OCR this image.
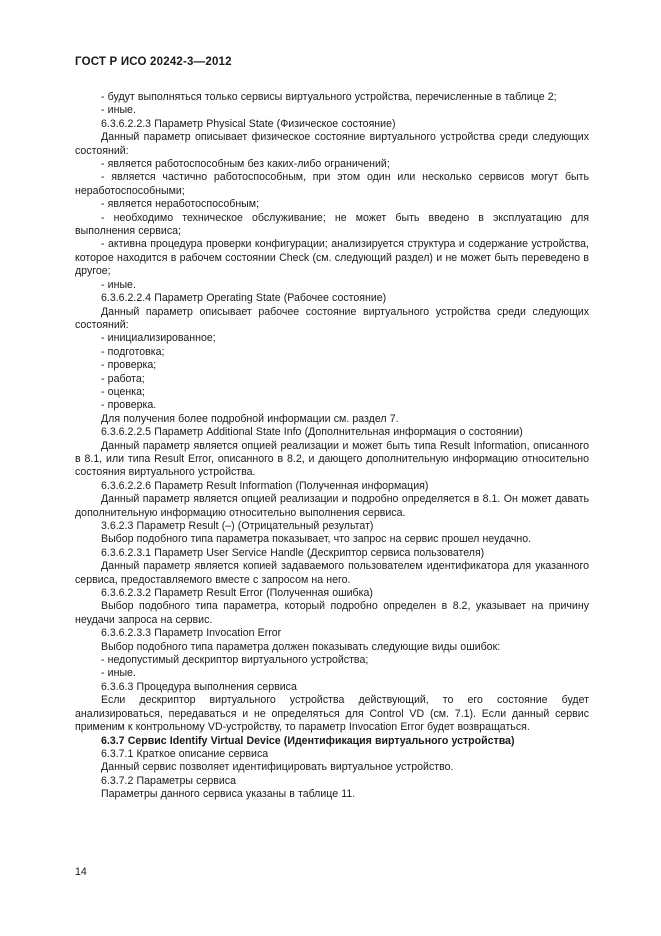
ГОСТ Р ИСО 20242-3—2012

- будут выполняться только сервисы виртуального устройства, перечисленные в таблице 2;

- иные.

6.3.6.2.2.3 Параметр Physical State (Физическое состояние)

Данный параметр описывает физическое состояние виртуального устройства среди следующих состояний:

- является работоспособным без каких-либо ограничений;

- является частично работоспособным, при этом один или несколько сервисов могут быть неработоспособными;

- является неработоспособным;

- необходимо техническое обслуживание; не может быть введено в эксплуатацию для выполнения сервиса;

- активна процедура проверки конфигурации; анализируется структура и содержание устройства, которое находится в рабочем состоянии Check (см. следующий раздел) и не может быть переведено в другое;

- иные.

6.3.6.2.2.4 Параметр Operating State (Рабочее состояние)

Данный параметр описывает рабочее состояние виртуального устройства среди следующих состояний:

- инициализированное;

- подготовка;

- проверка;

- работа;

- оценка;

- проверка.

Для получения более подробной информации см. раздел 7.

6.3.6.2.2.5 Параметр Additional State Info (Дополнительная информация о состоянии)

Данный параметр является опцией реализации и может быть типа Result Information, описанного в 8.1, или типа Result Error, описанного в 8.2, и дающего дополнительную информацию относительно состояния виртуального устройства.

6.3.6.2.2.6 Параметр Result Information (Полученная информация)

Данный параметр является опцией реализации и подробно определяется в 8.1. Он может давать дополнительную информацию относительно выполнения сервиса.

3.6.2.3 Параметр Result (–) (Отрицательный результат)

Выбор подобного типа параметра показывает, что запрос на сервис прошел неудачно.

6.3.6.2.3.1 Параметр User Service Handle (Дескриптор сервиса пользователя)

Данный параметр является копией задаваемого пользователем идентификатора для указанного сервиса, предоставляемого вместе с запросом на него.

6.3.6.2.3.2 Параметр Result Error (Полученная ошибка)

Выбор подобного типа параметра, который подробно определен в 8.2, указывает на причину неудачи запроса на сервис.

6.3.6.2.3.3 Параметр Invocation Error

Выбор подобного типа параметра должен показывать следующие виды ошибок:

- недопустимый дескриптор виртуального устройства;

- иные.

6.3.6.3 Процедура выполнения сервиса

Если дескриптор виртуального устройства действующий, то его состояние будет анализироваться, передаваться и не определяться для Control VD (см. 7.1). Если данный сервис применим к контрольному VD-устройству, то параметр Invocation Error будет возвращаться.

6.3.7 Сервис Identify Virtual Device (Идентификация виртуального устройства)

6.3.7.1 Краткое описание сервиса

Данный сервис позволяет идентифицировать виртуальное устройство.

6.3.7.2 Параметры сервиса

Параметры данного сервиса указаны в таблице 11.

14
